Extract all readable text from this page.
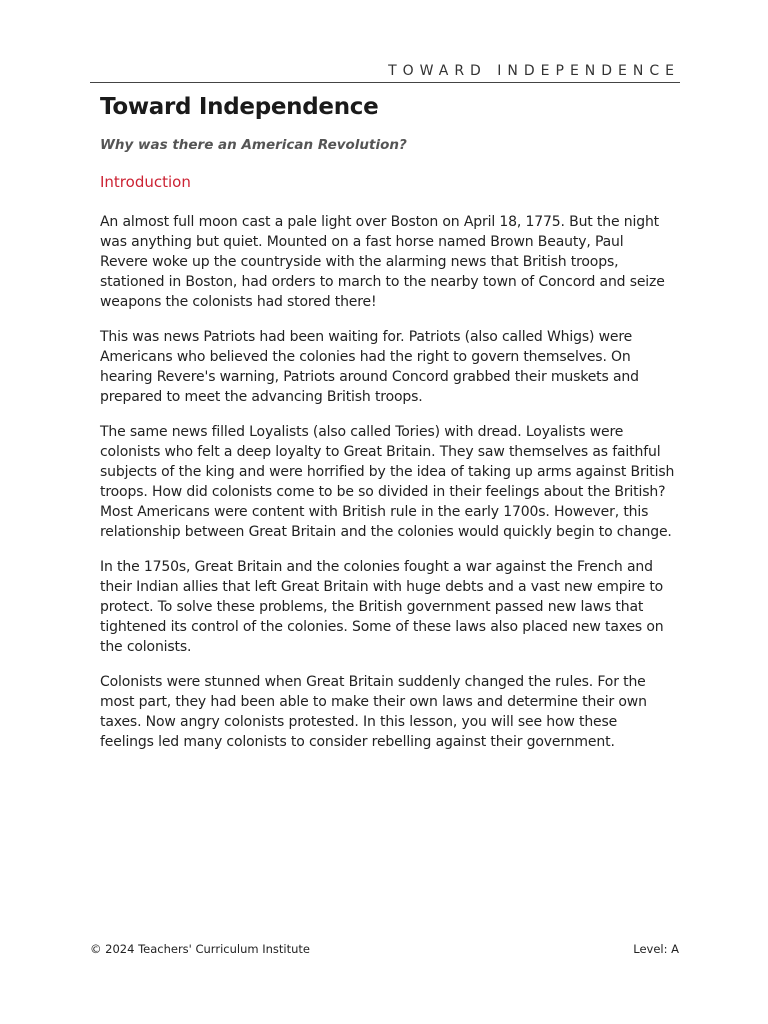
TOWARD INDEPENDENCE
Toward Independence

Why was there an American Revolution?

Introduction

An almost full moon cast a pale light over Boston on April 18, 1775. But the night was anything but quiet. Mounted on a fast horse named Brown Beauty, Paul Revere woke up the countryside with the alarming news that British troops, stationed in Boston, had orders to march to the nearby town of Concord and seize weapons the colonists had stored there!

This was news Patriots had been waiting for. Patriots (also called Whigs) were Americans who believed the colonies had the right to govern themselves. On hearing Revere's warning, Patriots around Concord grabbed their muskets and prepared to meet the advancing British troops.

The same news filled Loyalists (also called Tories) with dread. Loyalists were colonists who felt a deep loyalty to Great Britain. They saw themselves as faithful subjects of the king and were horrified by the idea of taking up arms against British troops. How did colonists come to be so divided in their feelings about the British? Most Americans were content with British rule in the early 1700s. However, this relationship between Great Britain and the colonies would quickly begin to change.

In the 1750s, Great Britain and the colonies fought a war against the French and their Indian allies that left Great Britain with huge debts and a vast new empire to protect. To solve these problems, the British government passed new laws that tightened its control of the colonies. Some of these laws also placed new taxes on the colonists.

Colonists were stunned when Great Britain suddenly changed the rules. For the most part, they had been able to make their own laws and determine their own taxes. Now angry colonists protested. In this lesson, you will see how these feelings led many colonists to consider rebelling against their government.

© 2024 Teachers' Curriculum Institute	Level: A
